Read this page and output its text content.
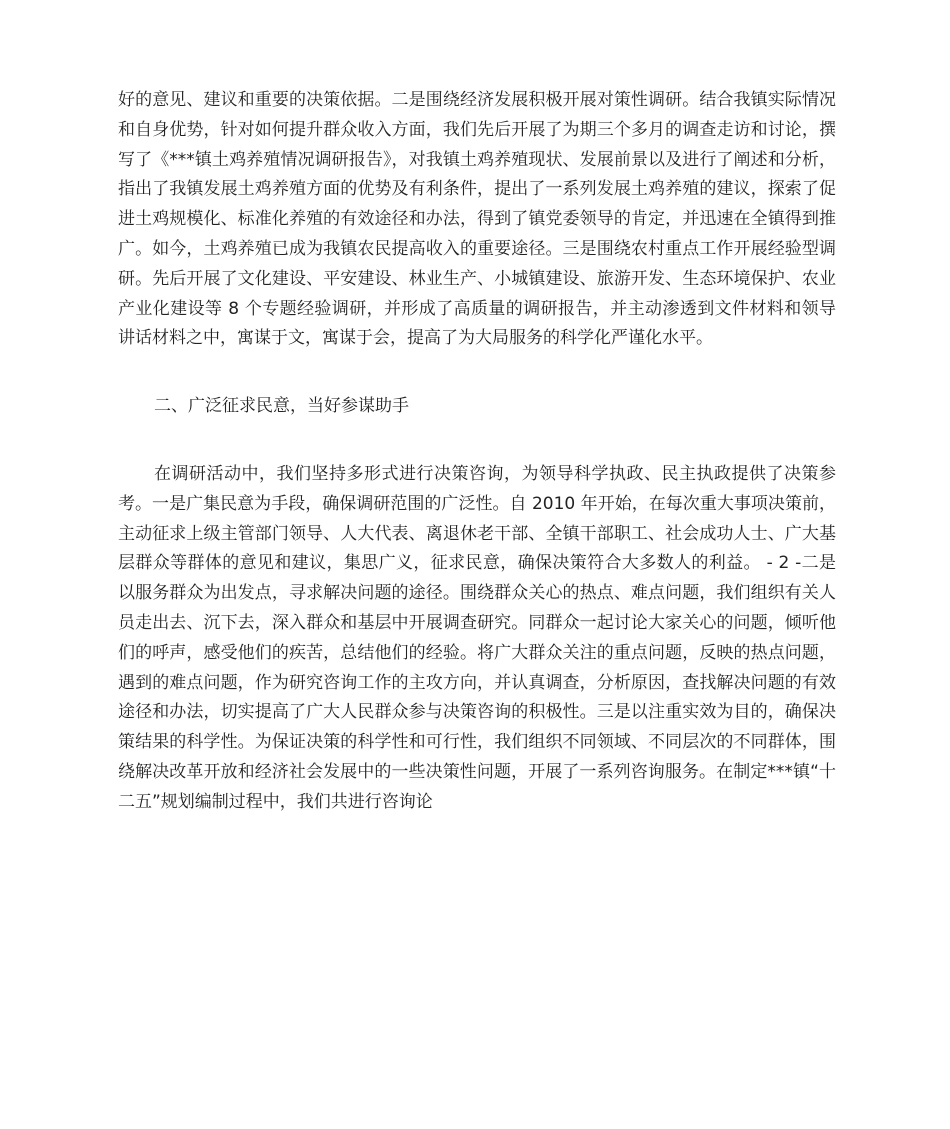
好的意见、建议和重要的决策依据。二是围绕经济发展积极开展对策性调研。结合我镇实际情况和自身优势，针对如何提升群众收入方面，我们先后开展了为期三个多月的调查走访和讨论，撰写了《***镇土鸡养殖情况调研报告》，对我镇土鸡养殖现状、发展前景以及进行了阐述和分析，指出了我镇发展土鸡养殖方面的优势及有利条件，提出了一系列发展土鸡养殖的建议，探索了促进土鸡规模化、标准化养殖的有效途径和办法，得到了镇党委领导的肯定，并迅速在全镇得到推广。如今，土鸡养殖已成为我镇农民提高收入的重要途径。三是围绕农村重点工作开展经验型调研。先后开展了文化建设、平安建设、林业生产、小城镇建设、旅游开发、生态环境保护、农业产业化建设等 8 个专题经验调研，并形成了高质量的调研报告，并主动渗透到文件材料和领导讲话材料之中，寓谋于文，寓谋于会，提高了为大局服务的科学化严谨化水平。

二、广泛征求民意，当好参谋助手

在调研活动中，我们坚持多形式进行决策咨询，为领导科学执政、民主执政提供了决策参考。一是广集民意为手段，确保调研范围的广泛性。自 2010 年开始，在每次重大事项决策前，主动征求上级主管部门领导、人大代表、离退休老干部、全镇干部职工、社会成功人士、广大基层群众等群体的意见和建议，集思广义，征求民意，确保决策符合大多数人的利益。 - 2 -二是以服务群众为出发点，寻求解决问题的途径。围绕群众关心的热点、难点问题，我们组织有关人员走出去、沉下去，深入群众和基层中开展调查研究。同群众一起讨论大家关心的问题，倾听他们的呼声，感受他们的疾苦，总结他们的经验。将广大群众关注的重点问题，反映的热点问题，遇到的难点问题，作为研究咨询工作的主攻方向，并认真调查，分析原因，查找解决问题的有效途径和办法，切实提高了广大人民群众参与决策咨询的积极性。三是以注重实效为目的，确保决策结果的科学性。为保证决策的科学性和可行性，我们组织不同领域、不同层次的不同群体，围绕解决改革开放和经济社会发展中的一些决策性问题，开展了一系列咨询服务。在制定***镇“十二五”规划编制过程中，我们共进行咨询论
